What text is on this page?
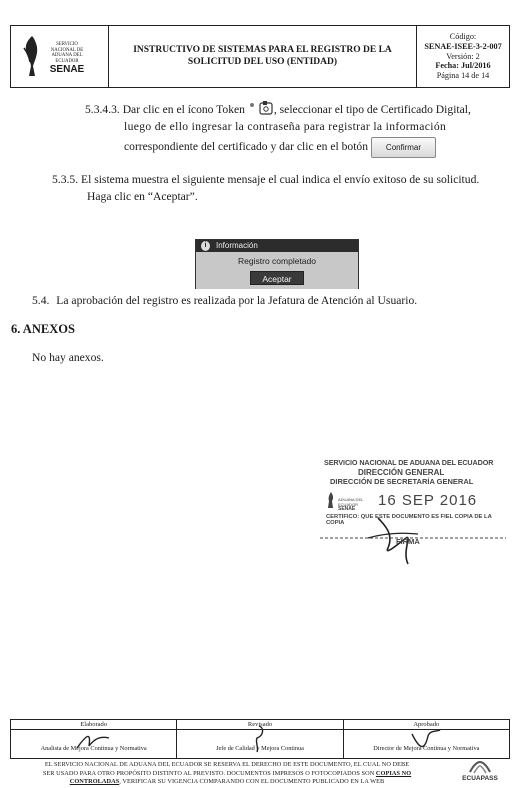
SERVICIO NACIONAL DE
ADUANA DEL
ECUADOR
SENAE
INSTRUCTIVO DE SISTEMAS PARA EL REGISTRO DE LA
SOLICITUD DEL USO (ENTIDAD)
Código:
SENAE-ISEE-3-2-007
Versión: 2
Fecha: Jul/2016
Página 14 de 14
5.3.4.3. Dar clic en el ícono Token , seleccionar el tipo de Certificado Digital,
luego de ello ingresar la contraseña para registrar la información
correspondiente del certificado y dar clic en el botón Confirmar
5.3.5. El sistema muestra el siguiente mensaje el cual indica el envío exitoso de su solicitud.
Haga clic en “Aceptar”.
i	Información
Registro completado
Aceptar
5.4. La aprobación del registro es realizada por la Jefatura de Atención al Usuario.
6. ANEXOS
No hay anexos.
SERVICIO NACIONAL DE ADUANA DEL ECUADOR
DIRECCIÓN GENERAL
DIRECCIÓN DE SECRETARÍA GENERAL
ADUANA DEL
ECUADOR
SENAE
16 SEP 2016
CERTIFICO: QUE ESTE DOCUMENTO ES FIEL COPIA DE LA COPIA
FIRMA
Elaborado
Analista de Mejora Continua y Normativa
Revisado
Jefe de Calidad y Mejora Continua
Aprobado
Director de Mejora Continua y Normativa
EL SERVICIO NACIONAL DE ADUANA DEL ECUADOR SE RESERVA EL DERECHO DE ESTE DOCUMENTO, EL CUAL NO DEBE
SER USADO PARA OTRO PROPÓSITO DISTINTO AL PREVISTO. DOCUMENTOS IMPRESOS O FOTOCOPIADOS SON COPIAS NO
CONTROLADAS, VERIFICAR SU VIGENCIA COMPARANDO CON EL DOCUMENTO PUBLICADO EN LA WEB	ECUAPASS
